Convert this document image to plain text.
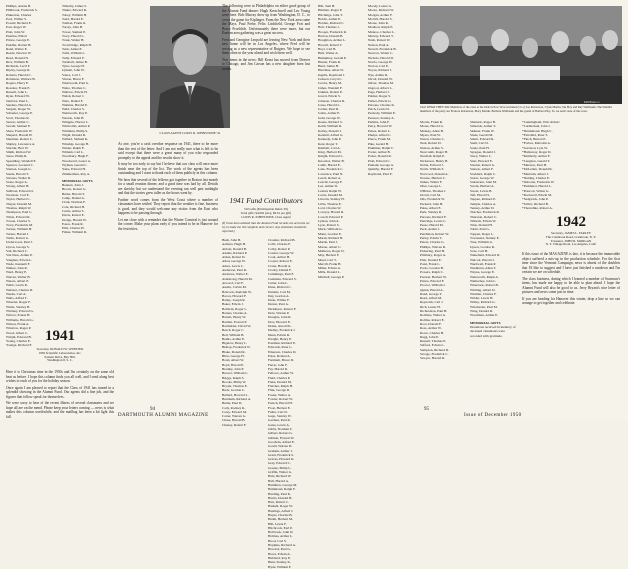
Phillips, Arlene B.
Philbrook, Frederick S.
Pinkerton, Charles
Pool, Wilbur S.
Powell, Richard E.
Post, Roger W.
Pratt, John W.
Prentiss, Elliott
Prince, George E.
Pulsifer, Robert B.
Rand, Walter E.
Reade, Newton W.
Reed, Donald N.
Rice, William B.
Richards, Cecil F.
Ripley, George R.
Roberts, Harold C.
Robinson, Wallace B.
Rogers, Harry E.
Rossiter, Frank E.
Russell, John L.
Ryan, Edward W.
Sanborn, Paul L.
Sanders, Harold A.
Sargent, Roger W.
Schaefer, George E.
Scott, Thomas R.
Seaver, Arthur C.
Sewall, Samuel E.
Shaw, Frederick W.
Shepard, Harold H.
Sherman, Robert C.
Shipley, Lawrence A.
Sinclair, Bert W.
Smith, Richard W.
Snow, Philip R.
Spaulding, Wendell E.
Spencer, Leonard C.
Stanton, Joseph G.
Steele, Harold T.
Stevens, Walter R.
Stone, Roger A.
Strong, Albert H.
Sullivan, Edward O.
Swanson, Carl E.
Taylor, Herbert C.
Thayer, Donald M.
Thomas, Ralph W.
Thompson, Paul C.
Tilton, Edward R.
Towne, Charles S.
Tracy, Frederick M.
Tucker, William H.
Turner, Harold J.
Tuttle, Robert G.
Underwood, Paul J.
Upton, George S.
Vail, Richard C.
Van Ness, Arthur P.
Vaughan, Edwin L.
Wade, Kenneth F.
Walker, John R.
Ward, Henry E.
Warren, Walter B.
Waters, Albert E.
Webb, Lewis R.
Webster, Charles D.
Weeks, Carl A.
Wells, Alfred T.
Wheeler, Roger F.
White, Stanley B.
Whitney, Edward G.
Wilcox, Ernest H.
Williams, Harold G.
Wilson, Frank A.
Winslow, Roger P.
Wood, Albert C.
Wright, Edward B.
Young, Charles E.
Youngs, Richard F.
Timothy, James S.
Tinker, Edward R.
Tobey, William H.
Todd, Harold E.
Tolman, Frank O.
Torrey, John B.
Tower, Samuel P.
Tracy, Harold L.
Trask, Walter H.
Trowbridge, Ralph H.
Tuck, Alden E.
Tufts, William L.
Tully, Edward F.
Turnbull, James B.
Tyler, George H.
Upham, John W.
Vance, Carl J.
Vinton, Bruce F.
Wadsworth, Paul G.
Waite, Thomas C.
Wallace, Edwin H.
Walsh, Robert J.
Ware, Daniel F.
Watkins, Harold E.
Weld, Charles S.
Wentworth, Roy E.
Weston, John H.
Whipple, Horace L.
Whitcomb, Arthur P.
Whitman, Philip S.
Wight, Donald R.
Willard, Samuel K.
Winship, George B.
Winter, Ralph E.
Witham, Carl L.
Woodbury, Hugh F.
Woodward, Lester A.
Wyman, Gerald C.
Yates, Edward H.
Zimmerman, Roy A.
MEMORIAL GIFTS
Bennett, John J.
Brown, Robert G.
Burke, Harold T.
Camp, Daniel A.
Clark, Norman F.
Cole, Richard H.
Curtis, Arthur S.
Davis, Robert E.
Dodge, Harold W.
Eaton, Frank R.
Ellis, Charles H.
Fisher, William D.
1941
Secretary, DONALD W. WEBSTER
1939 Scientific Laboratories, Inc.
Eastern Drive, Bay Hill,
Washington 8, S. C.

Here it is Christmas time in the 1950s and I'm certainly on the same old beat as before. I hope this column finds you all well, and I send along best wishes to each of you for the holiday season.

Once again I am pleased to report that the Class of 1941 has turned in a splendid showing in the Alumni Fund. Our agents did a fine job, and the figures that follow speak for themselves.

We were sorry to hear of the recent illness of several classmates and we hope all are on the mend. Please keep your letters coming — news is what makes this column worthwhile, and the mailbag has been a bit light this fall.

CLASS AGENT LOUIS R. JOHNSTONE '41

As one, you're a cash overdue response on 1941, there to be more than the rest of the letter. And I am not really sure what is left to be said except that there were a great many of you who responded promptly to the appeal and the results show it.

It may be too early to say but I believe that our class will once more finish near the top of the list. The work of the agents has been outstanding and I want to thank each of them publicly in this column.

We hear that several of the fellows got together in Boston last month for a small reunion dinner, and a good time was had by all. Details are sketchy but we understand the evening ran well past midnight and that the stories grew taller as the hours went by.

Further word comes from the West Coast where a number of classmates have settled. They report that the weather is fine, business is good, and they would welcome any visitor from the East who happens to be passing through.

Let me close with a reminder that the Winter Carnival is just around the corner. Make your plans early if you intend to be in Hanover for the festivities.

The following were at Philadelphia on either good group of the Alumni Fund dinner: Hugh Kerschwell and Leo Young were here. Bob Murray drew up from Washington, D. C., to cover the game for Kiplinger. From the New York area came the Mays, Paul Frehe, Felix Litchfield, George Fort and Bruce Froehlich. Unfortunately there were more, but our Eastern area gathering was a great success.

Fred and Georgine Leopold are leaving New York and their new home will be in Los Angeles, where Fred will be serving as a new representative of Rutgers. We hope to see them often in the year ahead and wish them well.

Two items in the news: Bill Keast has moved from Denver to Chicago, and Jim Carson has a new daughter born last month.

1941 Fund Contributors
510 Gifts (Participation Index: 95)
Total gifts: $4,902 (Avg. $9.61 per gift)
LOUIS R. JOHNSTONE, Class Agent
(If it has been advised that the Alumni Fund records are accurate we try to make the list complete and correct. Any omissions should be reported.)
Bush, John B.
Aalbers, Hugh H.
Abbott, Ronald B.
Adams, Richard P.
Alden, Robert D.
Allen, George W.
Ames, Lewis C.
Anderson, Paul R.
Andrews, Walter E.
Armstrong, Harold M.
Atwood, Carl F.
Austin, Calvin M.
Babcock, Rudolph W.
Bacon, Howard F.
Bailey, Joseph R.
Baker, Edwin J.
Baldwin, Roger L.
Barnes, Charles A.
Barrett, Henry W.
Bartlett, Everett P.
Batchelder, David W.
Beach, Roger C.
Bell, William B.
Bemis, Arthur E.
Bigelow, Henry L.
Bishop, Frederick N.
Blake, Donald R.
Bliss, George H.
Bond, Albert W.
Boyd, Harold E.
Bradley, John P.
Brewer, William C.
Briggs, Ralph S.
Brooks, Philip W.
Bryant, Thomas E.
Buck, Gordon C.
Bullard, Howard L.
Burnham, Richard A.
Butler, Paul D.
Cady, Rodney K.
Carey, Edward M.
Carter, Warren G.
Chase, Harold B.
Cheney, Robert F.
DARTMOUTH ALUMNI MAGAZINE
94
Cloutier, Richard B.
Cobb, Charles F.
Colby, Robert P.
Conant, George W.
Cook, Arthur H.
Cooper, Robert E.
Crane, Harold A.
Crosby, Daniel F.
Cummings, Paul F.
Cushman, Edward S.
Cutler, John L.
Dana, Richard C.
Daniels, Carl M.
Day, Gordon A.
Dean, Wilbur F.
Dexter, Paul A.
Dickinson, Robert F.
Dole, Warren P.
Douglas, John R.
Dow, Howard E.
Drake, Arnold K.
Dudley, Frederick J.
Dunn, Edwin R.
Dwight, Henry P.
Eastman, Richard E.
Edwards, Peter L.
Emerson, Charles D.
Estes, Roland A.
Farnham, Bruce D.
Farrar, John F.
Fay, Harold R.
Fellows, Arthur W.
Field, Charles P.
Fiske, Donald M.
Fletcher, Ralph H.
Flint, George R.
Foster, Walter A.
Fowler, Robert W.
French, Harold H.
Frost, Herbert E.
Fuller, Carl D.
Gage, Stanley W.
Gardner, Paul R.
Gates, Lewis A.
Gibbs, Norman T.
Gilbert, Robert G.
Gilman, Everett W.
Goodwin, Alfred E.
Gould, Warren D.
Graham, Arthur J.
Grant, Frederick S.
Graves, Howard K.
Gray, Edward C.
Greene, Philip L.
Griffin, Walter G.
Hale, Richard W.
Hall, Harold A.
Hamilton, George M.
Hammond, Ralph F.
Harding, Paul K.
Harris, Donald H.
Hart, Robert C.
Haskell, Roger W.
Hastings, Alfred J.
Hayes, Charles B.
Heath, Herbert M.
Hill, Lewis F.
Hitchcock, Earl P.
Holbrook, John D.
Holmes, Arthur L.
Hood, Carl S.
Hopkins, Richard A.
Howard, Paul G.
Howe, Edwin A.
Hubbard, Roy E.
Hunt, Stanley K.
Hyde, William F.
Hill, Sam H.
Hinman, Roger P.
Hitchings, John T.
Hobbs, Arthur P.
Holden, Richard C.
Holt, Thomas J.
Hooper, Frederick R.
Horton, Donald B.
Houghton, Arthur L.
Howell, Robert T.
Hoyt, Carl B.
Hull, Walter A.
Humphrey, Gerald P.
Hunter, Frank R.
Hurd, James H.
Hutchins, Allan W.
Ingalls, Raymond J.
Jackson, Lloyd C.
Jacobs, Henry M.
James, Wendell F.
Jenkins, Robert E.
Jewett, Edwin S.
Johnson, Charles R.
Jones, Harold L.
Jordan, Paul D.
Joslin, Arthur E.
Judd, George W.
Keene, Richard S.
Keith, William R.
Kelley, Donald J.
Kendall, Alfred G.
Kennedy, John P.
Kent, Roger T.
Kimball, Carl A.
King, Herbert M.
Knight, Edward L.
Knowles, Walter B.
Lamb, Harold E.
Lane, Frederick C.
Lawrence, Paul N.
Leach, Robert A.
Leavitt, George F.
Lee, Arthur D.
Leland, Ralph W.
Lewis, Donald M.
Lincoln, Stanley H.
Little, Thomas E.
Lord, Charles W.
Lovejoy, Harold R.
Lowell, Edward P.
Lyman, John A.
Lyon, Robert S.
Mack, William G.
Mann, Gordon E.
Marsh, Richard B.
Martin, Paul J.
Mason, Albert C.
Mathews, Roger D.
May, Herbert F.
Mead, Carl T.
Merrill, Frank H.
Miller, Edwin A.
Mills, Donald L.
Mitchell, George P.
Moody, Lester G.
Moore, Richard W.
Morgan, Arthur F.
Morrill, Harold S.
Morse, John R.
Moulton, Ralph E.
Munroe, Charles L.
Murray, Edward T.
Nash, Robert W.
Nelson, Paul A.
Newell, Frederick B.
Newton, Walter C.
Nichols, Harold D.
Norris, George H.
Norton, Carl E.
Noyes, Richard J.
Nye, Arthur R.
Olcott, Donald W.
Oliver, Thomas M.
Osgood, Albert L.
Page, Herbert J.
Palmer, Roger S.
Parker, Edwin G.
Parsons, Charles K.
Patch, Lewis D.
Peabody, William E.
Pearson, Stanley A.
Perkins, John F.
Perry, Howard W.
Pettee, Robert L.
Phelps, Alfred C.
Pierce, Frank M.
Pike, Gerald H.
Plummer, Ralph T.
Porter, Arthur B.
Potter, Donald R.
Pratt, Edward C.
Putnam, George A.
Quimby, Harold F.
Raymond, Paul E.
1941 WHAT THEY DO: Members of the class at the Detroit Pow Wow included (l to r) Joe Robertson, Clyde Martin, Stu Hoy and Ray Wallbaum. The Smaller members of the party are Frances Robertson, Mary Martin, Barbara Wallbaum and the grand of Barbara Hoy. So we aren't sure of the score.
Rich Bruno Co
Morris, Frank R.
Morse, Harold G.
Munsey, Allen B.
Myers, Paul W.
Nason, Charles C.
Neal, Robert D.
Nelson, Arthur S.
Newcomb, Roger H.
Newhall, Ralph E.
Nickerson, Henry B.
Noble, Edward J.
North, William T.
Norwood, Donald A.
Nourse, Herbert C.
Oakes, Walter F.
Ober, George L.
O'Brien, Thomas J.
Orcutt, Carl M.
Otis, Frederick W.
Packard, John H.
Paine, Albert E.
Park, Stanley R.
Parsons, Richard F.
Partridge, Lewis C.
Pease, Harold M.
Peck, Arthur J.
Pendleton, Robert W.
Perley, Edwin T.
Peters, Charles G.
Phillips, Warren R.
Pickering, Paul H.
Pillsbury, Roger A.
Platt, Donald E.
Pond, Frank L.
Poole, Gordon B.
Powers, Ralph C.
Preston, Herbert W.
Prince, Edward F.
Proctor, William J.
Quinn, Harold A.
Rand, George T.
Read, Alfred M.
Reynolds, Carl J.
Rich, Lester H.
Richardson, Paul B.
Robbins, Walter A.
Rollins, Robert E.
Root, Donald F.
Ross, Arthur W.
Rowe, Charles H.
Rugg, John E.
Russell, Thomas P.
Safford, Edwin L.
Sampson, Richard D.
Savage, Frederick C.
Sawyer, Harold R.
Shattuck, Roger B.
Simonds, Arthur T.
Skinner, Frank W.
Slade, Gerald M.
Smart, Edward R.
Snell, Carl D.
Soule, Paul H.
Sprague, Donald J.
Stacy, Walter L.
Starr, Howard E.
Stearns, Robert G.
Stetson, Albert F.
Stoddard, Ralph C.
Storer, George W.
Sturtevant, John M.
Swain, Herbert A.
Sweet, Lewis B.
Taft, Harold S.
Tappan, Richard E.
Temple, Charles A.
Tenney, Arthur D.
Thacher, Frederick R.
Thurston, Robert C.
Tibbetts, Edwin W.
Titus, Donald H.
Tobin, Paul G.
Toppan, Roger L.
Townsend, Stanley E.
True, William A.
Upson, Gordon R.
Vose, Carl H.
Wakefield, Edward D.
Walcott, Harold J.
Wardwell, Frank P.
Washburn, Allen T.
Wayne, George E.
Wentworth, Ralph A.
Wetherbee, John L.
Wheelock, Robert B.
Whiting, Albert D.
Whittier, Charles F.
Wilder, Lewis H.
Willey, Richard G.
Winchester, Paul M.
Wing, Donald R.
Woodman, Arthur E.
MEMORIAL GIFTS
Donations received in memory of
deceased classmates were
recorded with gratitude.
*Cunningham, Wm. Robert
*Carmichael, John J.
*Drummond, Hugh C.
*Fairchild, Peter S.
*Finch, Burton E.
*Forbes, Malcolm A.
*Garrison, Lyle W.
*Hathaway, Roger D.
*Kimberly, Arthur F.
*Langdon, Gerald T.
*Marston, Paul H.
*McLellan, Donald R.
*Merriam, Albert J.
*Nutting, Charles E.
*Osborne, Frederick W.
*Parkhurst, Harold L.
*Prescott, Walter G.
*Rockwell, Edwin M.
*Sedgwick, John P.
*Talbot, Richard B.
*Thorndike, Robert A.
1942
Secretary, JAMES L. FARLEY
The Cranbrook Road, Cranbrook, N. Y.
Treasurer, JOHN R. MORGAN
N. T. Vintage Road, Los Angeles, Calif.

If this issue of the MAGAZINE is late, it is because the immovable object suffered a mix-up in the production schedule. For the first time since the Vermont Campaign, news is absent of the doublets that I'd like to suggest and I have just finished a rundown and I'm certain we are on schedule.

The class business, during which I learned a number of Swanson's items, has made me happy to be able to plan ahead. I hope the Alumni Fund will also be good to us. Jerry Bryant's nice letter of pictures and news came just in time.

If you are heading for Hanover this winter, drop a line so we can arrange to get together and celebrate.

95
Issue of December 1950
